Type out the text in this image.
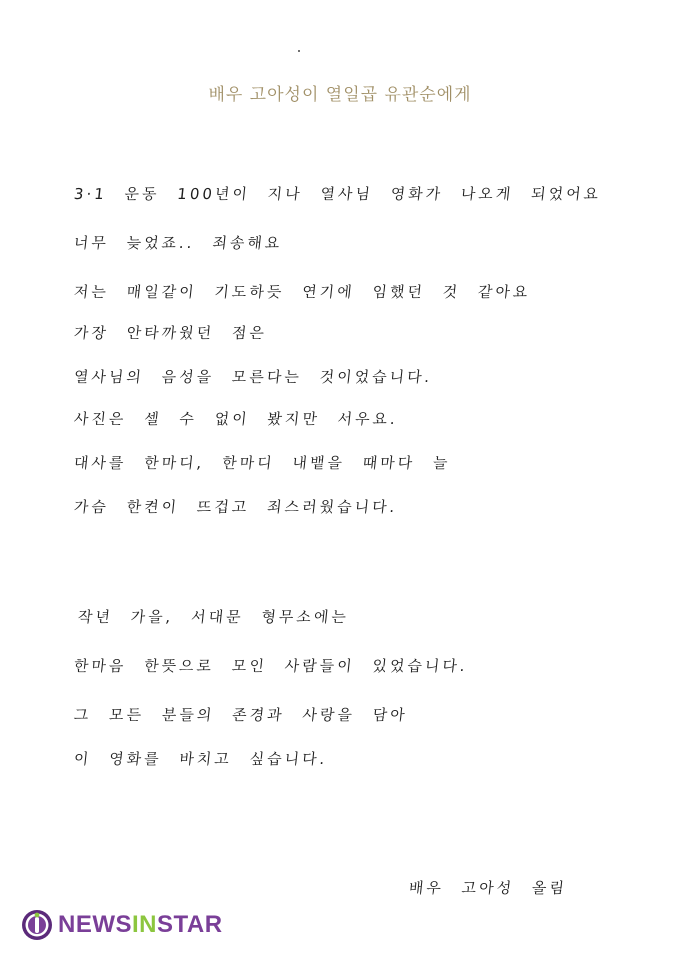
배우 고아성이 열일곱 유관순에게
3·1 운동 100년이 지나 열사님 영화가 나오게 되었어요
너무 늦었죠.. 죄송해요
저는 매일같이 기도하듯 연기에 임했던 것 같아요
가장 안타까웠던 점은
열사님의 음성을 모른다는 것이었습니다.
사진은 셀 수 없이 봤지만 서우요.
대사를 한마디, 한마디 내뱉을 때마다 늘
가슴 한켠이 뜨겁고 죄스러웠습니다.
작년 가을, 서대문 형무소에는
한마음 한뜻으로 모인 사람들이 있었습니다.
그 모든 분들의 존경과 사랑을 담아
이 영화를 바치고 싶습니다.
배우 고아성 올림
NEWSINSTAR
